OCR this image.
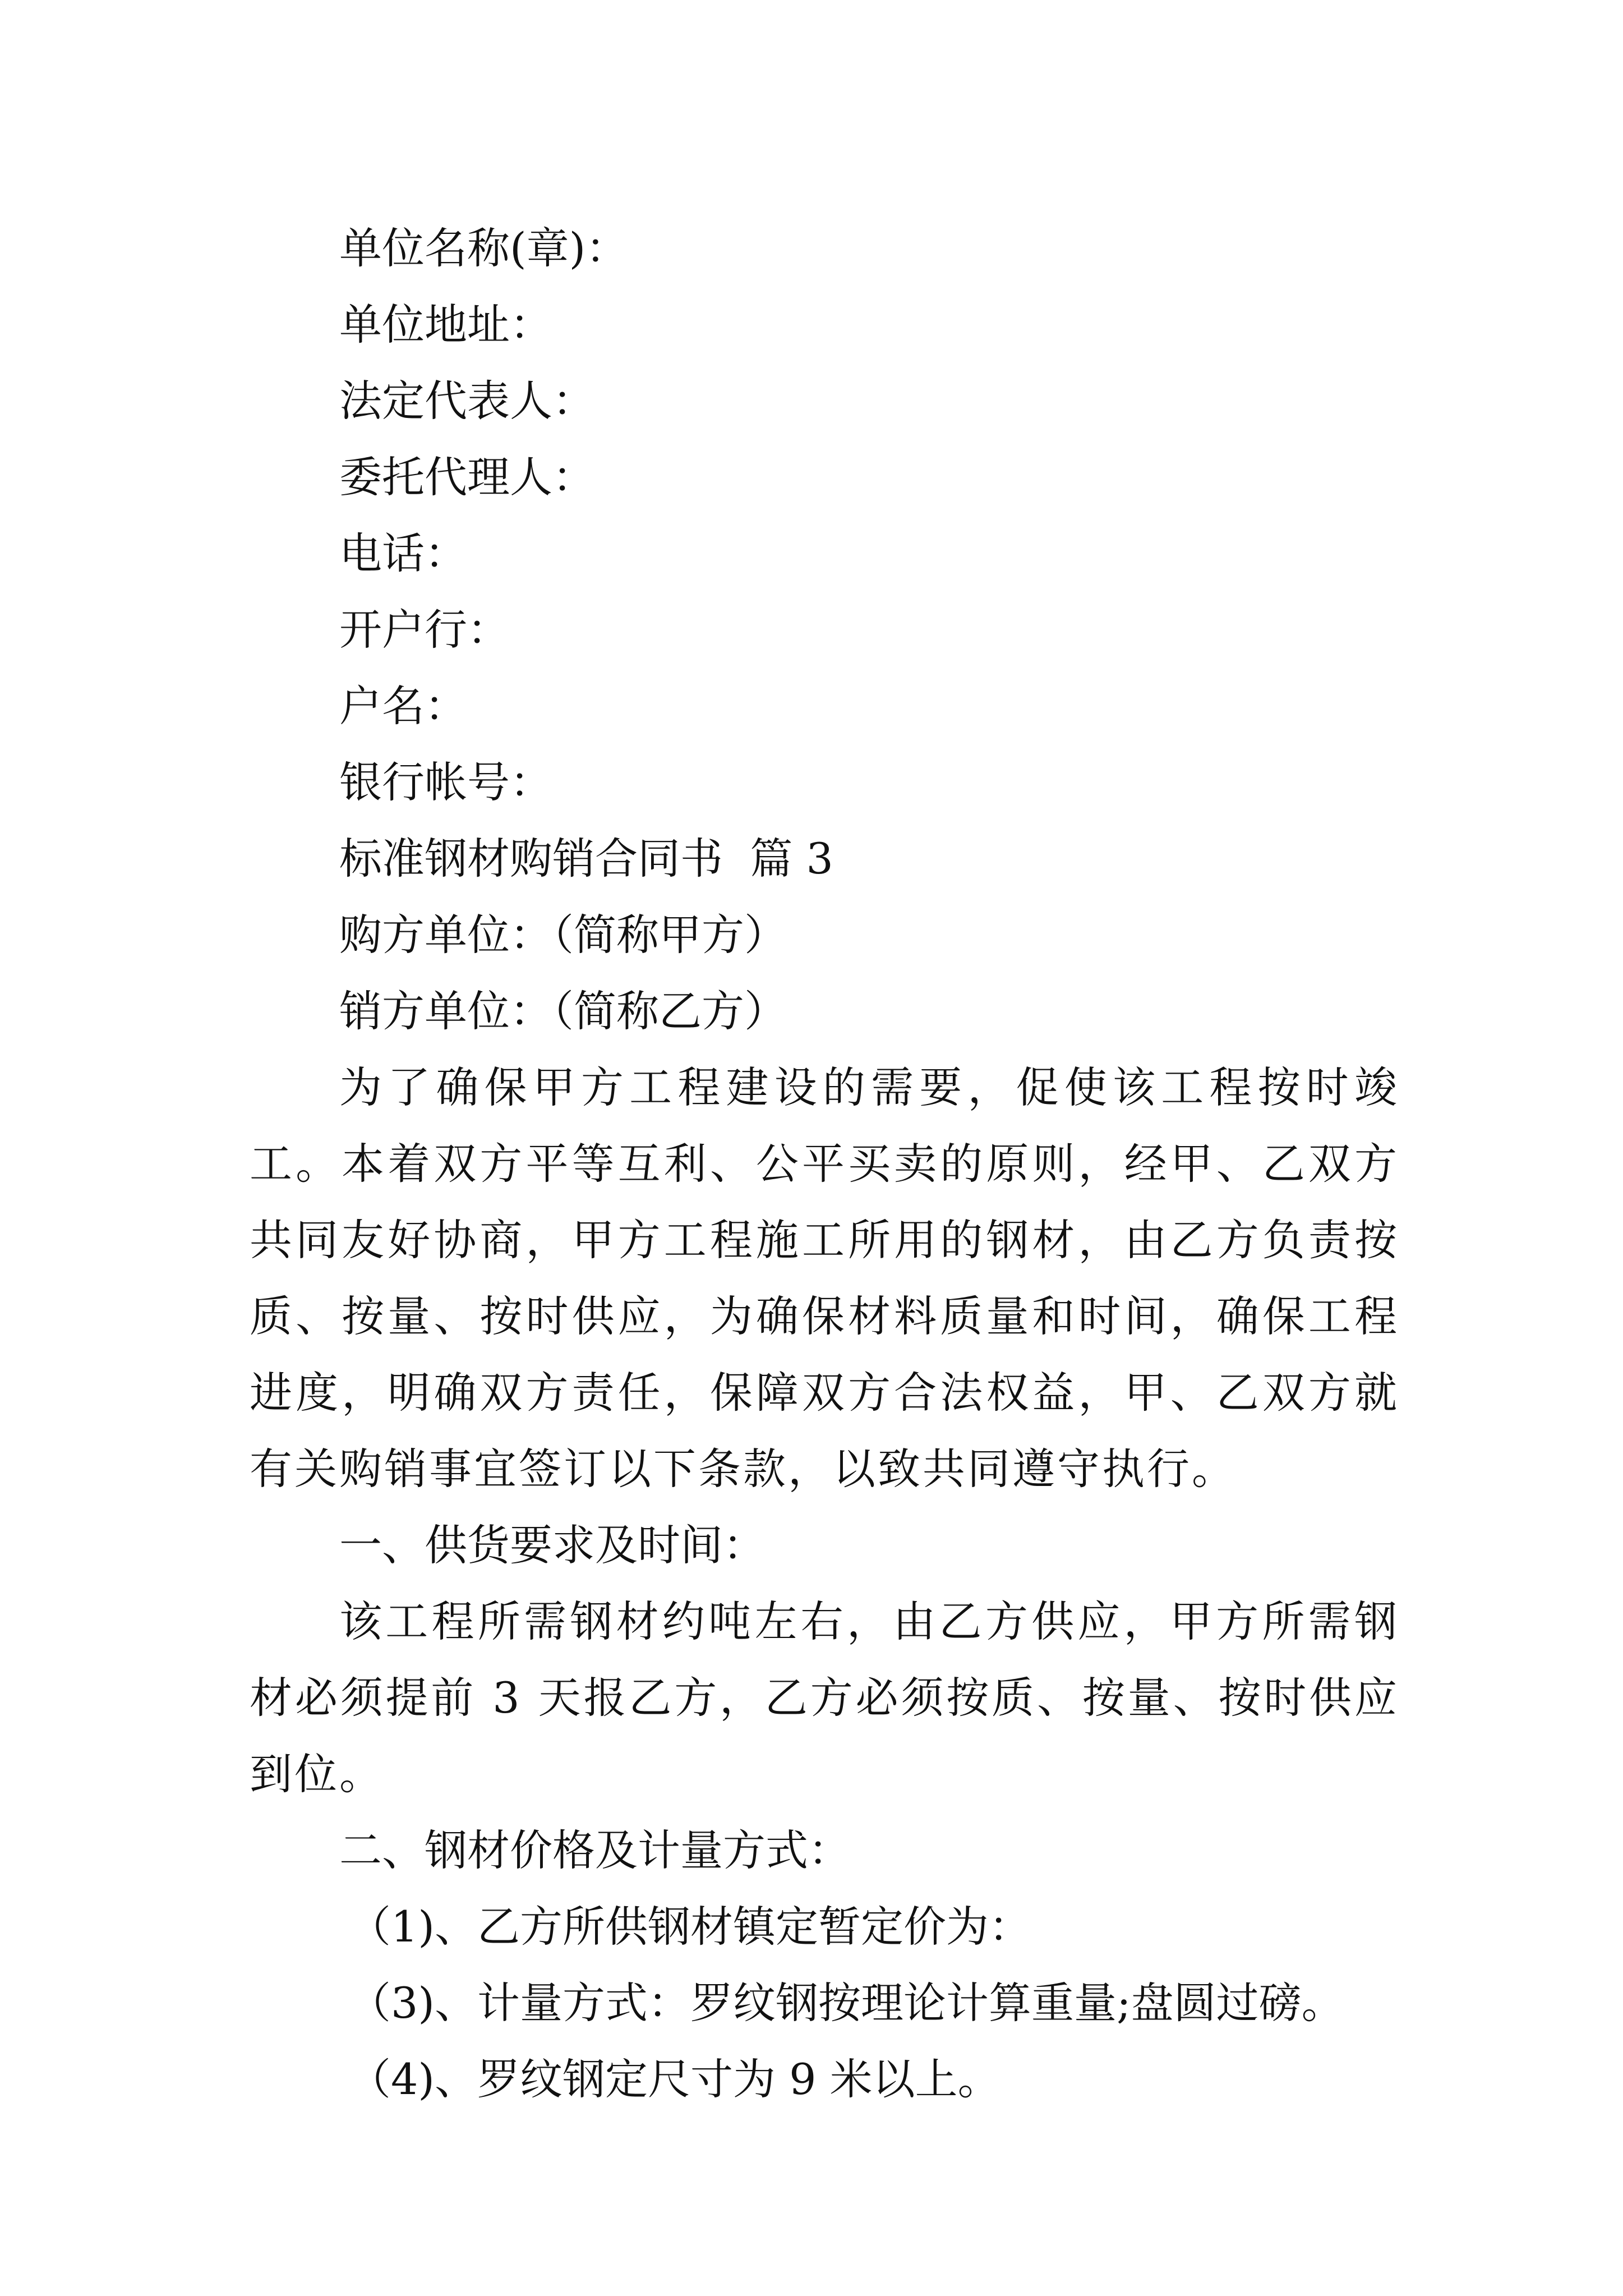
单位名称(章)：
单位地址：
法定代表人：
委托代理人：
电话：
开户行：
户名：
银行帐号：
标准钢材购销合同书  篇 3
购方单位：（简称甲方）
销方单位：（简称乙方）
为了确保甲方工程建设的需要，促使该工程按时竣工。本着双方平等互利、公平买卖的原则，经甲、乙双方共同友好协商，甲方工程施工所用的钢材，由乙方负责按质、按量、按时供应，为确保材料质量和时间，确保工程进度，明确双方责任，保障双方合法权益，甲、乙双方就有关购销事宜签订以下条款，以致共同遵守执行。
一、供货要求及时间：
该工程所需钢材约吨左右，由乙方供应，甲方所需钢材必须提前 3 天报乙方，乙方必须按质、按量、按时供应到位。
二、钢材价格及计量方式：
（1)、乙方所供钢材镇定暂定价为：
（3)、计量方式：罗纹钢按理论计算重量;盘圆过磅。
（4)、罗纹钢定尺寸为 9 米以上。
